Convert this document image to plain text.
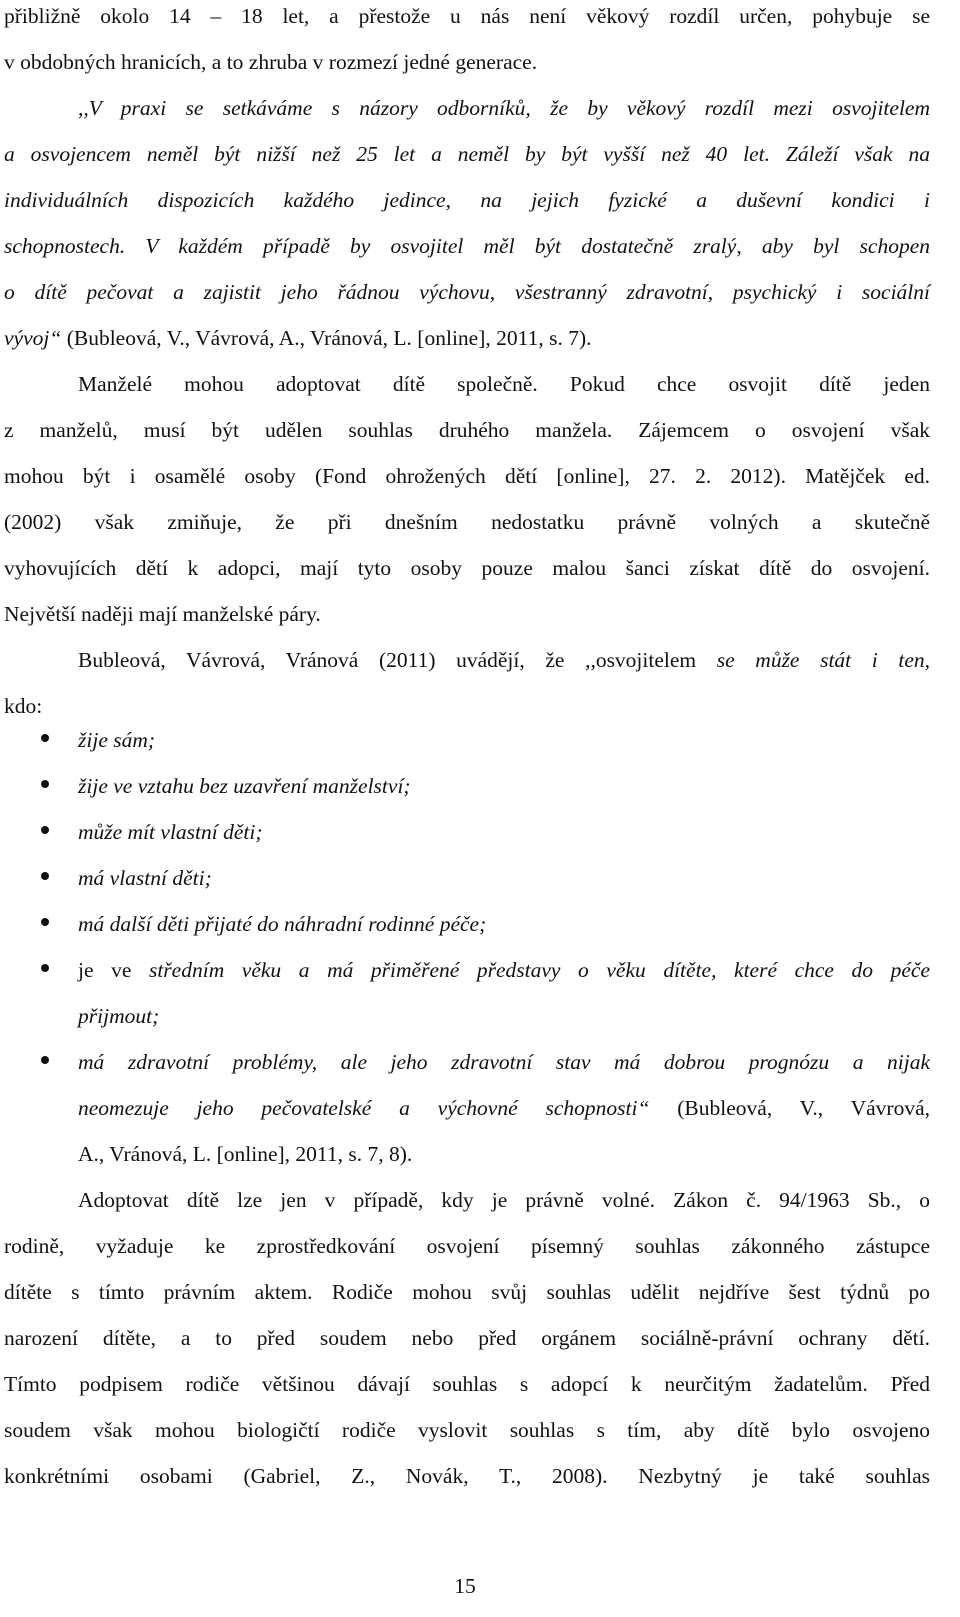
přibližně okolo 14 – 18 let, a přestože u nás není věkový rozdíl určen, pohybuje se
v obdobných hranicích, a to zhruba v rozmezí jedné generace.
,,V praxi se setkáváme s názory odborníků, že by věkový rozdíl mezi osvojitelem
a osvojencem neměl být nižší než 25 let a neměl by být vyšší než 40 let. Záleží však na
individuálních dispozicích každého jedince, na jejich fyzické a duševní kondici i
schopnostech. V každém případě by osvojitel měl být dostatečně zralý, aby byl schopen
o dítě pečovat a zajistit jeho řádnou výchovu, všestranný zdravotní, psychický i sociální
vývoj“ (Bubleová, V., Vávrová, A., Vránová, L. [online], 2011, s. 7).
Manželé mohou adoptovat dítě společně. Pokud chce osvojit dítě jeden
z manželů, musí být udělen souhlas druhého manžela. Zájemcem o osvojení však
mohou být i osamělé osoby (Fond ohrožených dětí [online], 27. 2. 2012). Matějček ed.
(2002) však zmiňuje, že při dnešním nedostatku právně volných a skutečně
vyhovujících dětí k adopci, mají tyto osoby pouze malou šanci získat dítě do osvojení.
Největší naději mají manželské páry.
Bubleová, Vávrová, Vránová (2011) uvádějí, že ,,osvojitelem se může stát i ten,
kdo:
žije sám;
žije ve vztahu bez uzavření manželství;
může mít vlastní děti;
má vlastní děti;
má další děti přijaté do náhradní rodinné péče;
je ve středním věku a má přiměřené představy o věku dítěte, které chce do péče
přijmout;
má zdravotní problémy, ale jeho zdravotní stav má dobrou prognózu a nijak
neomezuje jeho pečovatelské a výchovné schopnosti“ (Bubleová, V., Vávrová,
A., Vránová, L. [online], 2011, s. 7, 8).
Adoptovat dítě lze jen v případě, kdy je právně volné. Zákon č. 94/1963 Sb., o
rodině, vyžaduje ke zprostředkování osvojení písemný souhlas zákonného zástupce
dítěte s tímto právním aktem. Rodiče mohou svůj souhlas udělit nejdříve šest týdnů po
narození dítěte, a to před soudem nebo před orgánem sociálně-právní ochrany dětí.
Tímto podpisem rodiče většinou dávají souhlas s adopcí k neurčitým žadatelům. Před
soudem však mohou biologičtí rodiče vyslovit souhlas s tím, aby dítě bylo osvojeno
konkrétními osobami (Gabriel, Z., Novák, T., 2008). Nezbytný je také souhlas
15
